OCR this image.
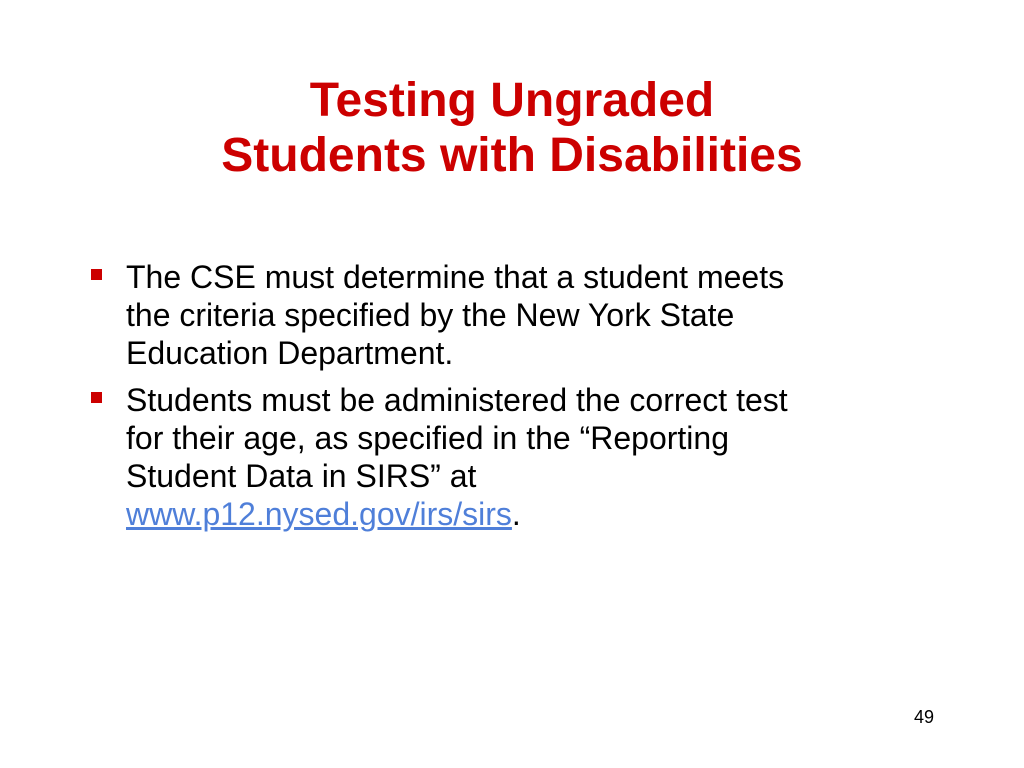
Testing Ungraded
Students with Disabilities
The CSE must determine that a student meets
the criteria specified by the New York State
Education Department.
Students must be administered the correct test
for their age, as specified in the “Reporting
Student Data in SIRS” at
www.p12.nysed.gov/irs/sirs.
49
